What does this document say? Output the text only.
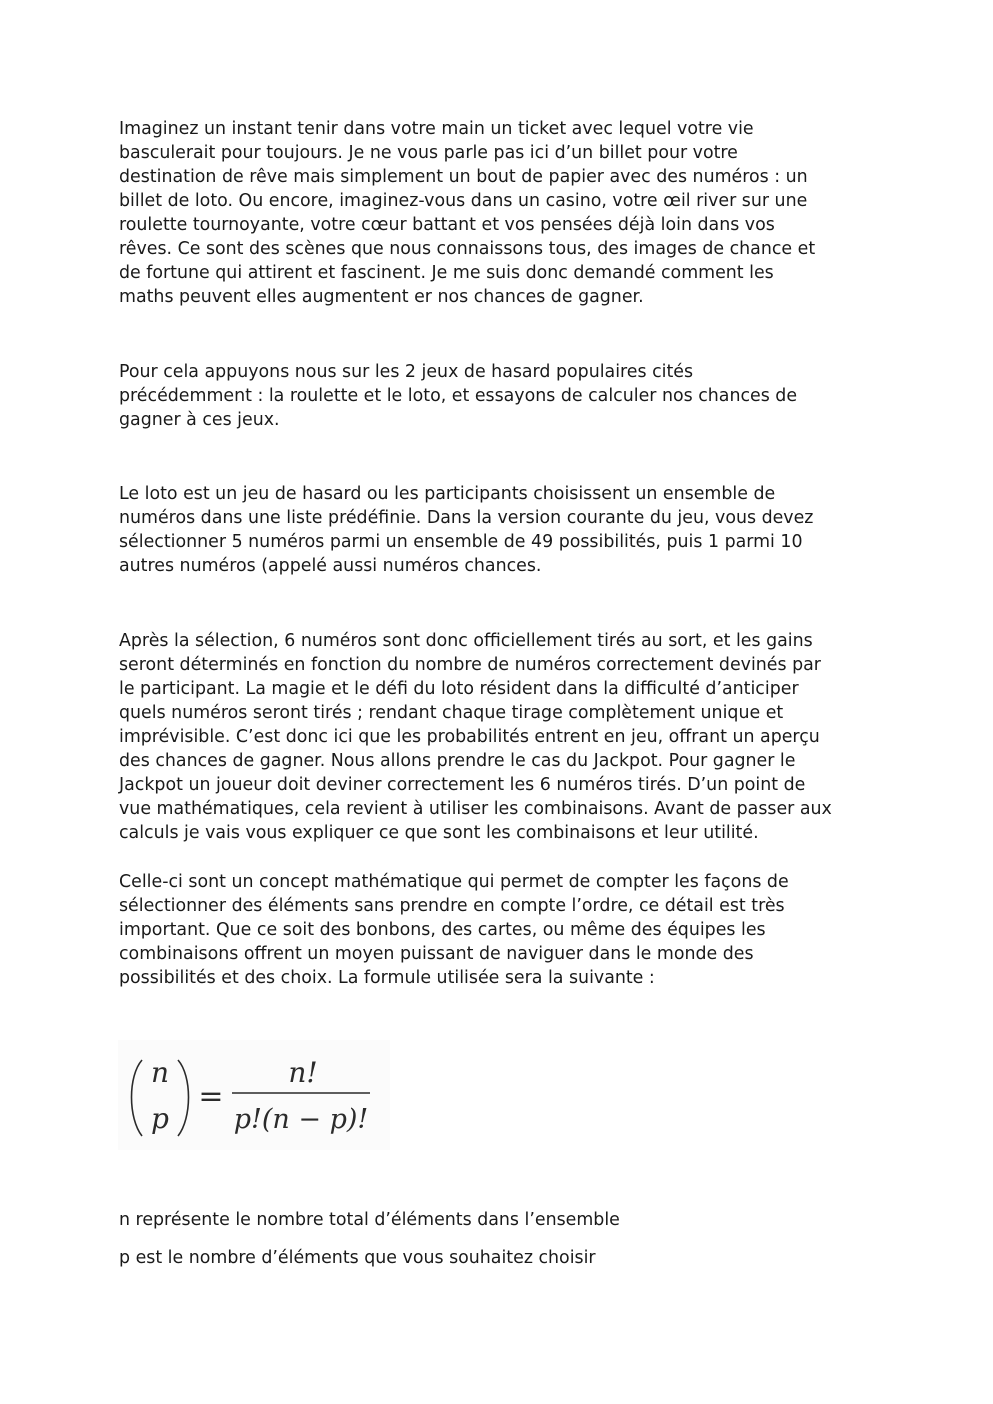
Imaginez un instant tenir dans votre main un ticket avec lequel votre vie
basculerait pour toujours. Je ne vous parle pas ici d’un billet pour votre
destination de rêve mais simplement un bout de papier avec des numéros : un
billet de loto. Ou encore, imaginez-vous dans un casino, votre œil river sur une
roulette tournoyante, votre cœur battant et vos pensées déjà loin dans vos
rêves. Ce sont des scènes que nous connaissons tous, des images de chance et
de fortune qui attirent et fascinent. Je me suis donc demandé comment les
maths peuvent elles augmentent er nos chances de gagner.

Pour cela appuyons nous sur les 2 jeux de hasard populaires cités
précédemment : la roulette et le loto, et essayons de calculer nos chances de
gagner à ces jeux.

Le loto est un jeu de hasard ou les participants choisissent un ensemble de
numéros dans une liste prédéfinie. Dans la version courante du jeu, vous devez
sélectionner 5 numéros parmi un ensemble de 49 possibilités, puis 1 parmi 10
autres numéros (appelé aussi numéros chances.

Après la sélection, 6 numéros sont donc officiellement tirés au sort, et les gains
seront déterminés en fonction du nombre de numéros correctement devinés par
le participant. La magie et le défi du loto résident dans la difficulté d’anticiper
quels numéros seront tirés ; rendant chaque tirage complètement unique et
imprévisible. C’est donc ici que les probabilités entrent en jeu, offrant un aperçu
des chances de gagner. Nous allons prendre le cas du Jackpot. Pour gagner le
Jackpot un joueur doit deviner correctement les 6 numéros tirés. D’un point de
vue mathématiques, cela revient à utiliser les combinaisons. Avant de passer aux
calculs je vais vous expliquer ce que sont les combinaisons et leur utilité.

Celle-ci sont un concept mathématique qui permet de compter les façons de
sélectionner des éléments sans prendre en compte l’ordre, ce détail est très
important. Que ce soit des bonbons, des cartes, ou même des équipes les
combinaisons offrent un moyen puissant de naviguer dans le monde des
possibilités et des choix. La formule utilisée sera la suivante :

n
p
=
n!
p!(n − p)!
n représente le nombre total d’éléments dans l’ensemble
p est le nombre d’éléments que vous souhaitez choisir
